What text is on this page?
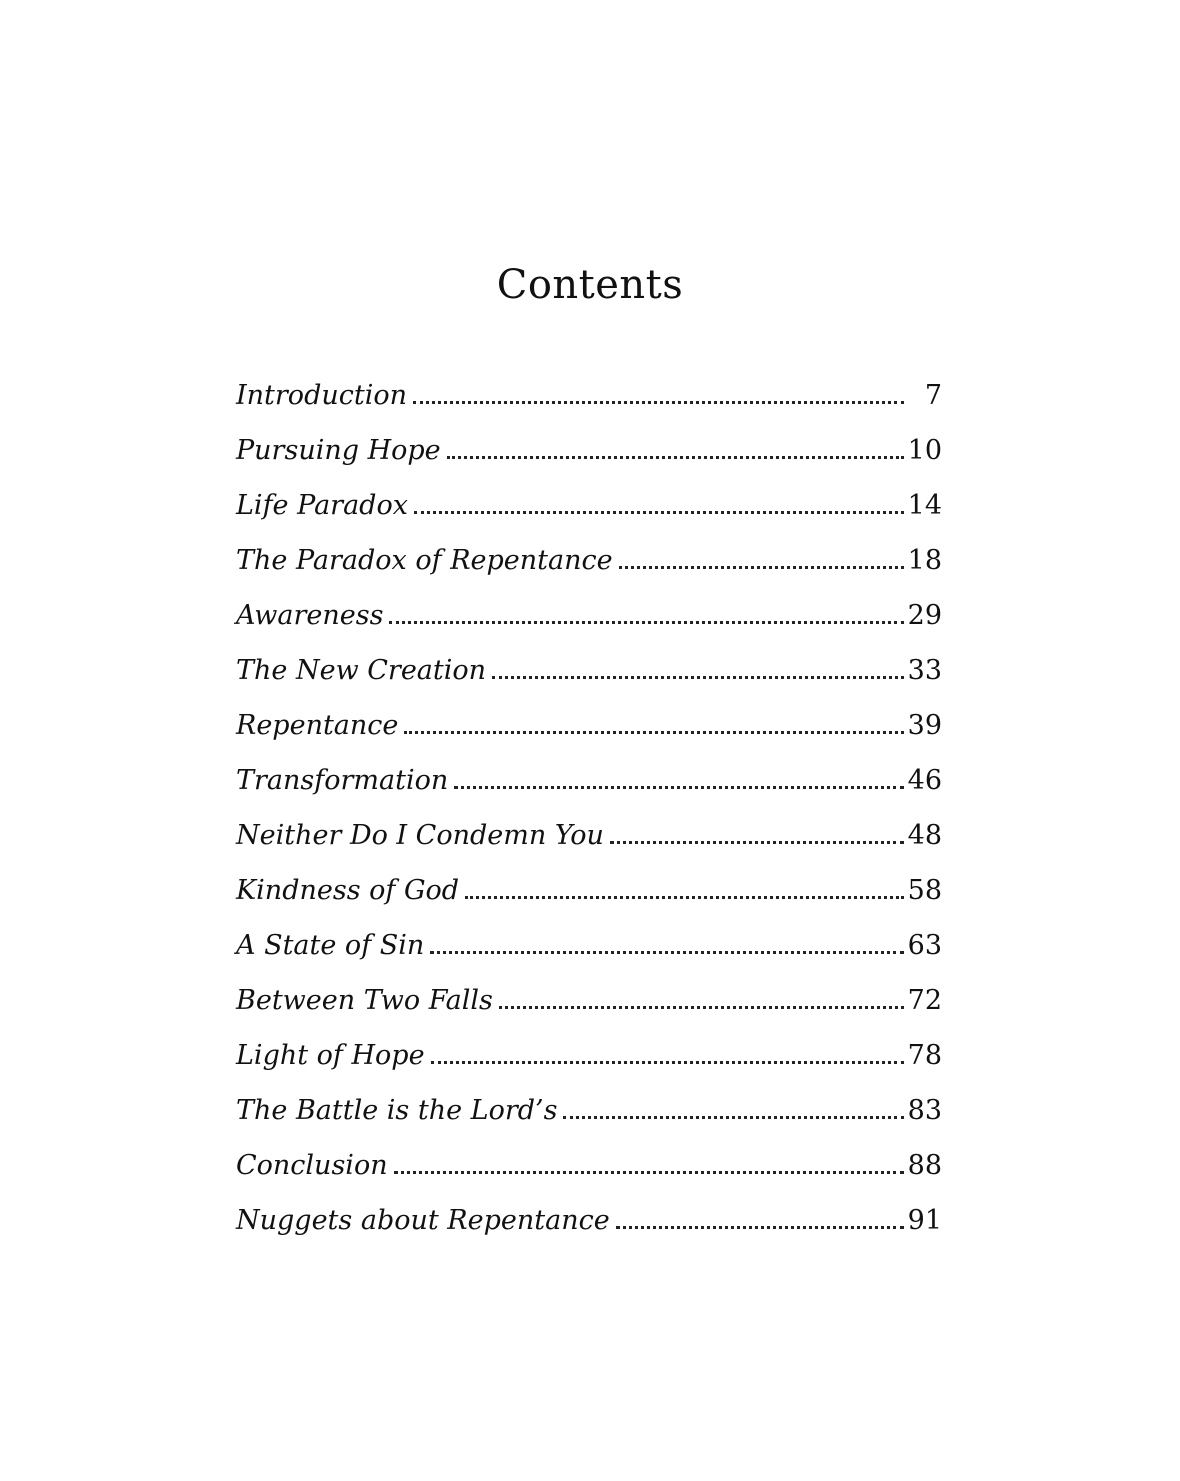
Contents
Introduction	7
Pursuing Hope	10
Life Paradox	14
The Paradox of Repentance	18
Awareness	29
The New Creation	33
Repentance	39
Transformation	46
Neither Do I Condemn You	48
Kindness of God	58
A State of Sin	63
Between Two Falls	72
Light of Hope	78
The Battle is the Lord’s	83
Conclusion	88
Nuggets about Repentance	91
